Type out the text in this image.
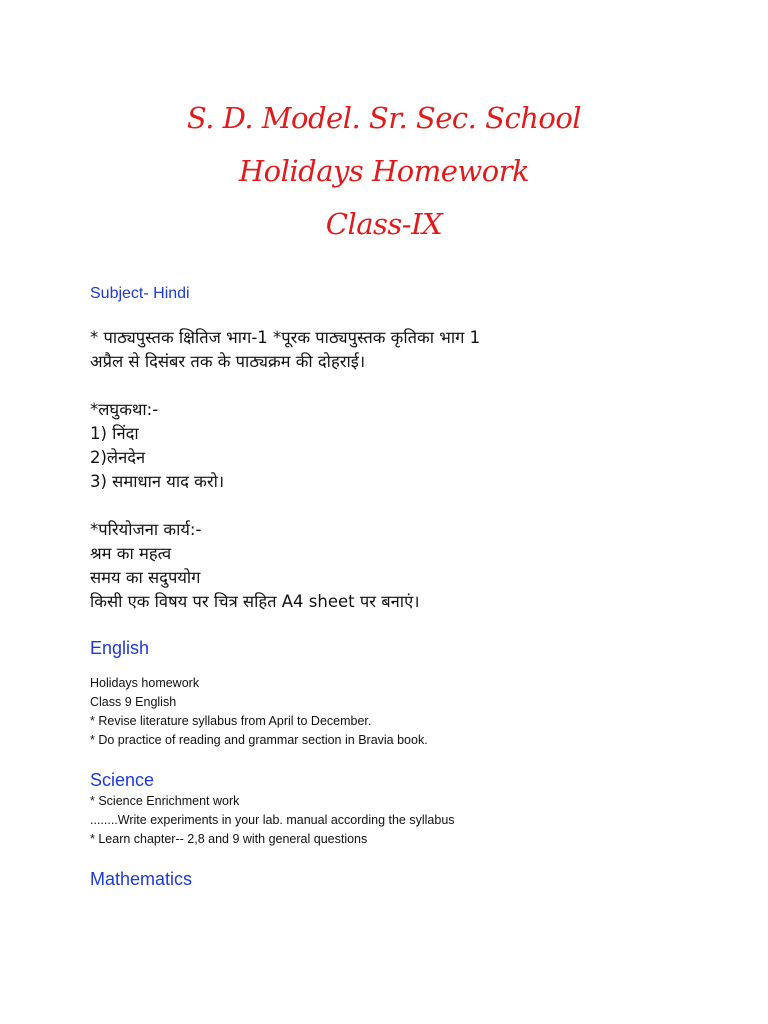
S. D. Model. Sr. Sec. School

Holidays Homework

Class-IX

Subject- Hindi

* पाठ्यपुस्तक क्षितिज भाग-1 *पूरक पाठ्यपुस्तक कृतिका भाग 1

अप्रैल से दिसंबर तक के पाठ्यक्रम की दोहराई।

*लघुकथा:-

1) निंदा

2)लेनदेन

3) समाधान याद करो।

*परियोजना कार्य:-

श्रम का महत्व

समय का सदुपयोग

किसी एक विषय पर चित्र सहित A4 sheet पर बनाएं।

English

Holidays homework

Class 9 English

* Revise literature syllabus from April to December.

* Do practice of reading and grammar section in Bravia book.

Science

* Science Enrichment work

........Write experiments in your lab. manual according the syllabus

* Learn chapter-- 2,8 and 9 with general questions

Mathematics
